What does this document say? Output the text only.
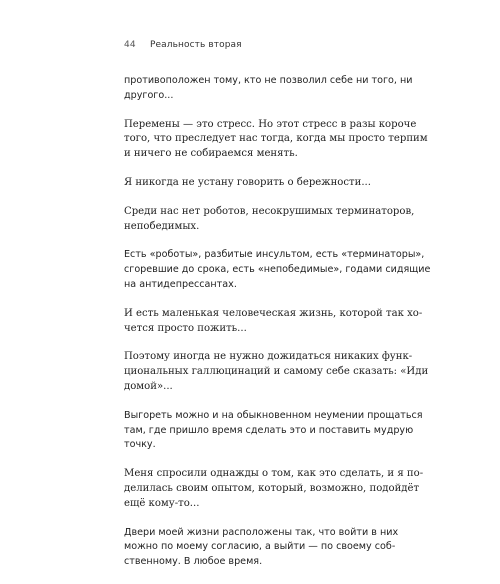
44 Реальность вторая

противоположен тому, кто не позволил себе ни того, ни
другого...

Перемены — это стресс. Но этот стресс в разы короче
того, что преследует нас тогда, когда мы просто терпим
и ничего не собираемся менять.

Я никогда не устану говорить о бережности...

Среди нас нет роботов, несокрушимых терминаторов,
непобедимых.

Есть «роботы», разбитые инсультом, есть «терминаторы»,
сгоревшие до срока, есть «непобедимые», годами сидящие
на антидепрессантах.

И есть маленькая человеческая жизнь, которой так хо-
чется просто пожить...

Поэтому иногда не нужно дожидаться никаких функ-
циональных галлюцинаций и самому себе сказать: «Иди
домой»...

Выгореть можно и на обыкновенном неумении прощаться
там, где пришло время сделать это и поставить мудрую
точку.

Меня спросили однажды о том, как это сделать, и я по-
делилась своим опытом, который, возможно, подойдёт
ещё кому-то...

Двери моей жизни расположены так, что войти в них
можно по моему согласию, а выйти — по своему соб-
ственному. В любое время.
